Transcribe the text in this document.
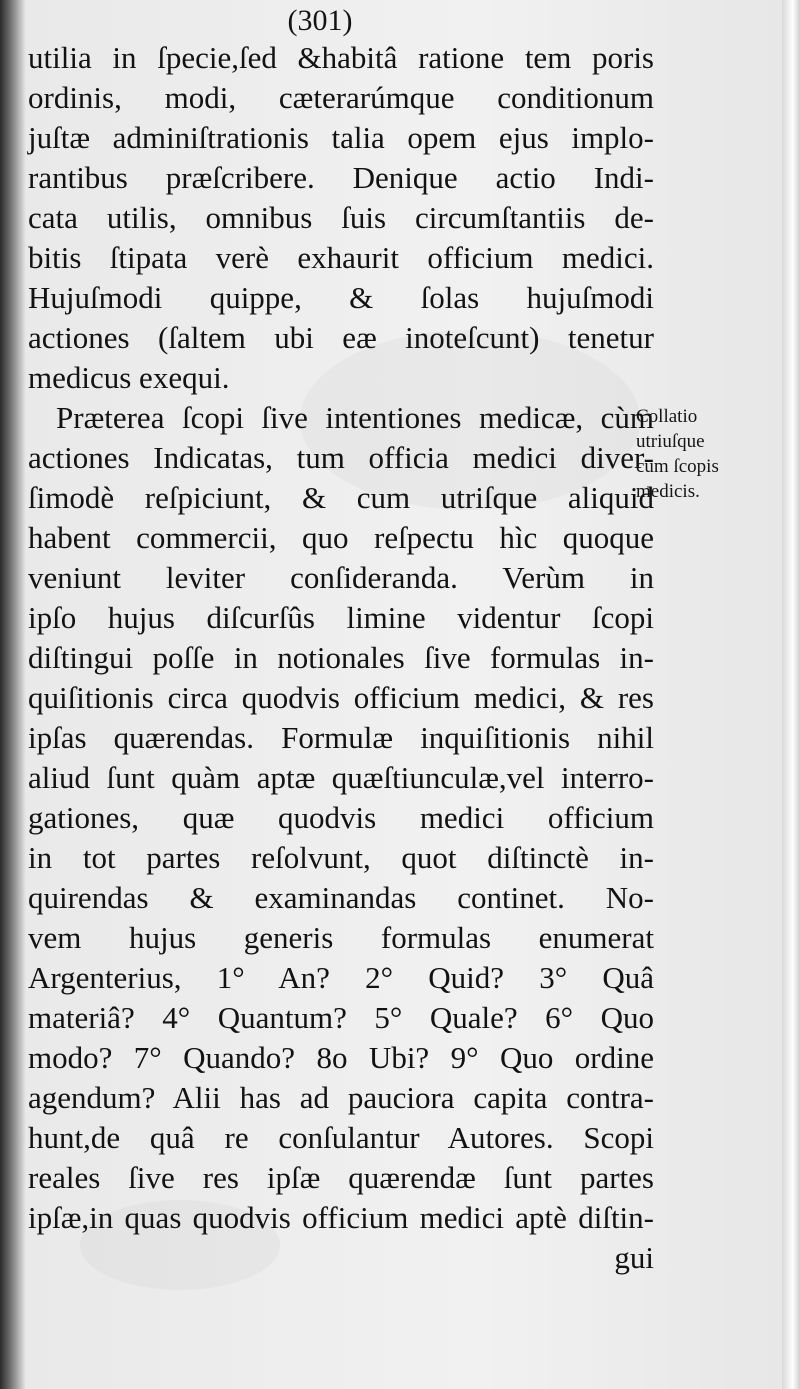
(301)
utilia in ſpecie,ſed &habitâ ratione tem poris
ordinis, modi, cæterarúmque conditionum
juſtæ adminiſtrationis talia opem ejus implo-
rantibus præſcribere. Denique actio Indi-
cata utilis, omnibus ſuis circumſtantiis de-
bitis ſtipata verè exhaurit officium medici.
Hujuſmodi quippe, & ſolas hujuſmodi
actiones (ſaltem ubi eæ inoteſcunt) tenetur
medicus exequi.
Præterea ſcopi ſive intentiones medicæ, cùm
actiones Indicatas, tum officia medici diver-
ſimodè reſpiciunt, & cum utriſque aliquid
habent commercii, quo reſpectu hìc quoque
veniunt leviter conſideranda. Verùm in
ipſo hujus diſcurſûs limine videntur ſcopi
diſtingui poſſe in notionales ſive formulas in-
quiſitionis circa quodvis officium medici, & res
ipſas quærendas. Formulæ inquiſitionis nihil
aliud ſunt quàm aptæ quæſtiunculæ,vel interro-
gationes, quæ quodvis medici officium
in tot partes reſolvunt, quot diſtinctè in-
quirendas & examinandas continet. No-
vem hujus generis formulas enumerat
Argenterius, 1° An? 2° Quid? 3° Quâ
materiâ? 4° Quantum? 5° Quale? 6° Quo
modo? 7° Quando? 8o Ubi? 9° Quo ordine
agendum? Alii has ad pauciora capita contra-
hunt,de quâ re conſulantur Autores. Scopi
reales ſive res ipſæ quærendæ ſunt partes
ipſæ,in quas quodvis officium medici aptè diſtin-
gui
Collatio
utriuſque
cum ſcopis
medicis.
